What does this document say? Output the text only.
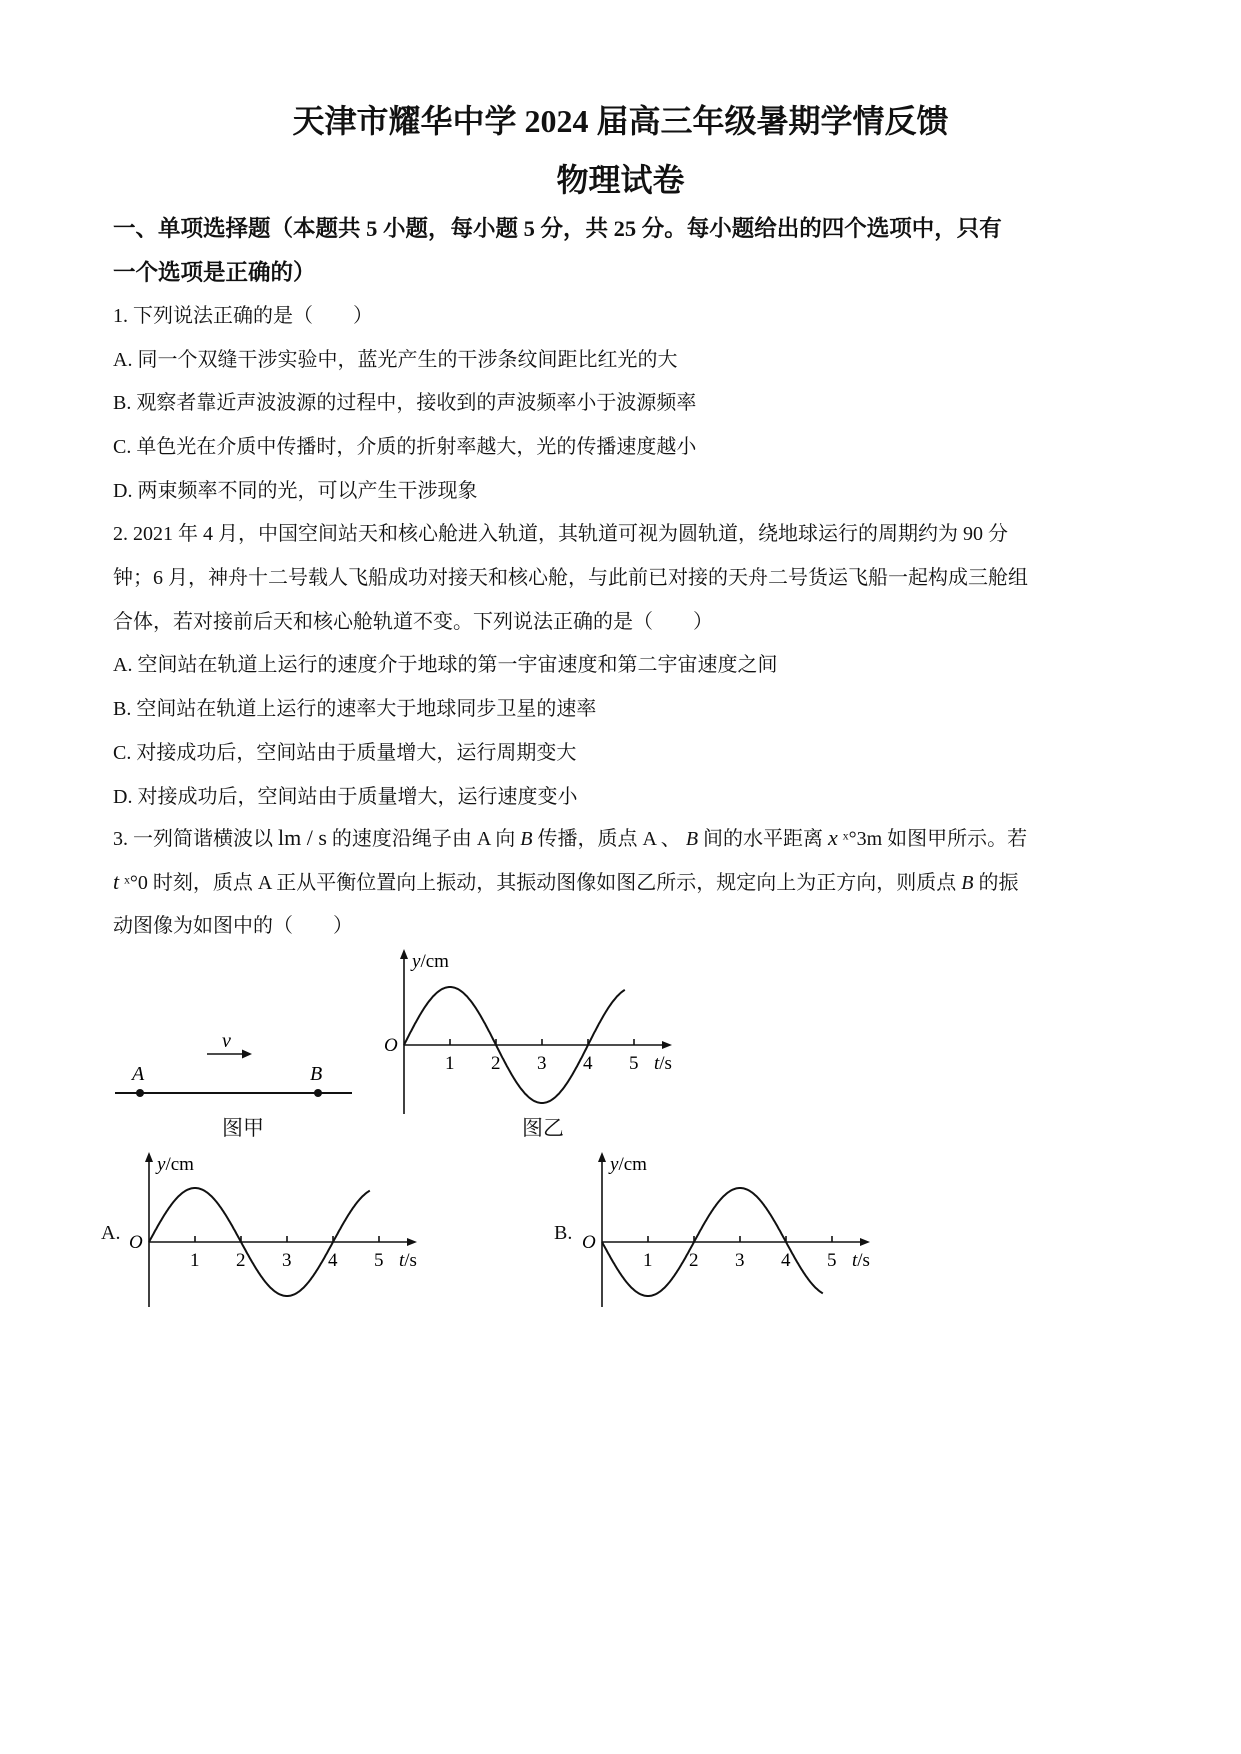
天津市耀华中学 2024 届高三年级暑期学情反馈
物理试卷
一、单项选择题（本题共 5 小题，每小题 5 分，共 25 分。每小题给出的四个选项中，只有
一个选项是正确的）
1. 下列说法正确的是（　　）
A. 同一个双缝干涉实验中，蓝光产生的干涉条纹间距比红光的大
B. 观察者靠近声波波源的过程中，接收到的声波频率小于波源频率
C. 单色光在介质中传播时，介质的折射率越大，光的传播速度越小
D. 两束频率不同的光，可以产生干涉现象
2. 2021 年 4 月，中国空间站天和核心舱进入轨道，其轨道可视为圆轨道，绕地球运行的周期约为 90 分
钟；6 月，神舟十二号载人飞船成功对接天和核心舱，与此前已对接的天舟二号货运飞船一起构成三舱组
合体，若对接前后天和核心舱轨道不变。下列说法正确的是（　　）
A. 空间站在轨道上运行的速度介于地球的第一宇宙速度和第二宇宙速度之间
B. 空间站在轨道上运行的速率大于地球同步卫星的速率
C. 对接成功后，空间站由于质量增大，运行周期变大
D. 对接成功后，空间站由于质量增大，运行速度变小
3. 一列简谐横波以 lm / s 的速度沿绳子由 A 向 B 传播，质点 A 、 B 间的水平距离 x ˣ°3m 如图甲所示。若
t ˣ°0 时刻，质点 A 正从平衡位置向上振动，其振动图像如图乙所示，规定向上为正方向，则质点 B 的振
动图像为如图中的（　　）
A	B
v
图甲
y/cm
O
t/s
1 2 3 4 5
图乙
A.
y/cm
O
t/s
1 2 3 4 5
B.
y/cm
O
t/s
1 2 3 4 5
